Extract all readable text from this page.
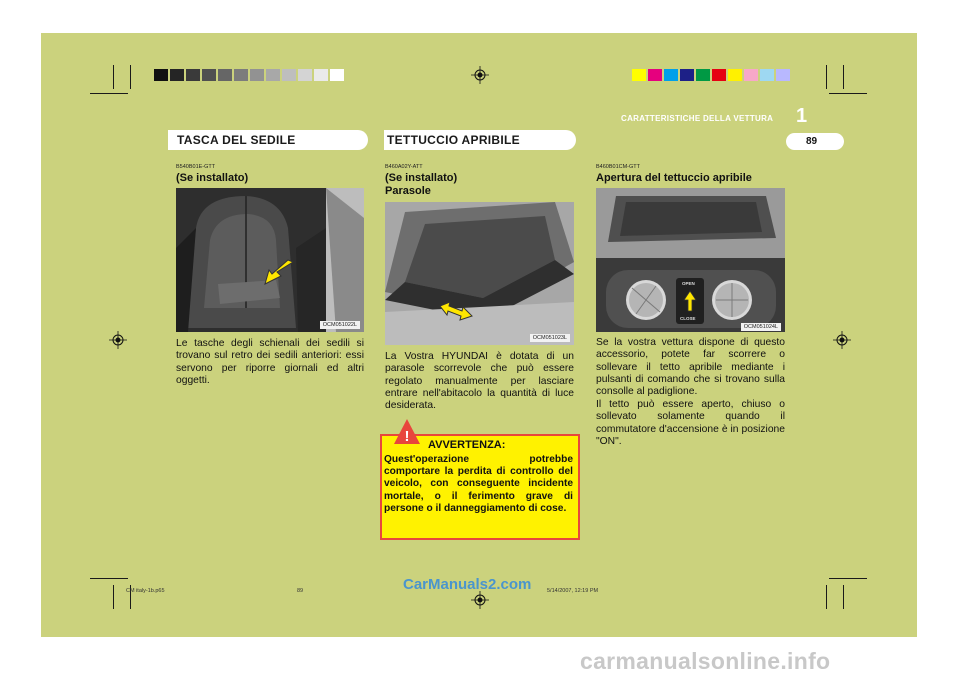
CARATTERISTICHE DELLA VETTURA 1
89
TASCA DEL SEDILE	TETTUCCIO APRIBILE
B540B01E-GTT
(Se installato)
OCM051022L
Le tasche degli schienali dei sedili si trovano sul retro dei sedili anteriori: essi servono per riporre giornali ed altri oggetti.
B460A02Y-ATT
(Se installato)
Parasole
OCM051023L
La Vostra HYUNDAI è dotata di un parasole scorrevole che può essere regolato manualmente per lasciare entrare nell'abitacolo la quantità di luce desiderata.
! AVVERTENZA:
Quest'operazione potrebbe comportare la perdita di controllo del veicolo, con conseguente incidente mortale, o il ferimento grave di persone o il danneggiamento di cose.
B460B01CM-GTT
Apertura del tettuccio apribile
OPEN
CLOSE
OCM051024L
Se la vostra vettura dispone di questo accessorio, potete far scorrere o sollevare il tetto apribile mediante i pulsanti di comando che si trovano sulla consolle al padiglione.
Il tetto può essere aperto, chiuso o sollevato solamente quando il commutatore d'accensione è in posizione "ON".
CM italy-1b.p65	89	5/14/2007, 12:19 PM
CarManuals2.com
carmanualsonline.info
